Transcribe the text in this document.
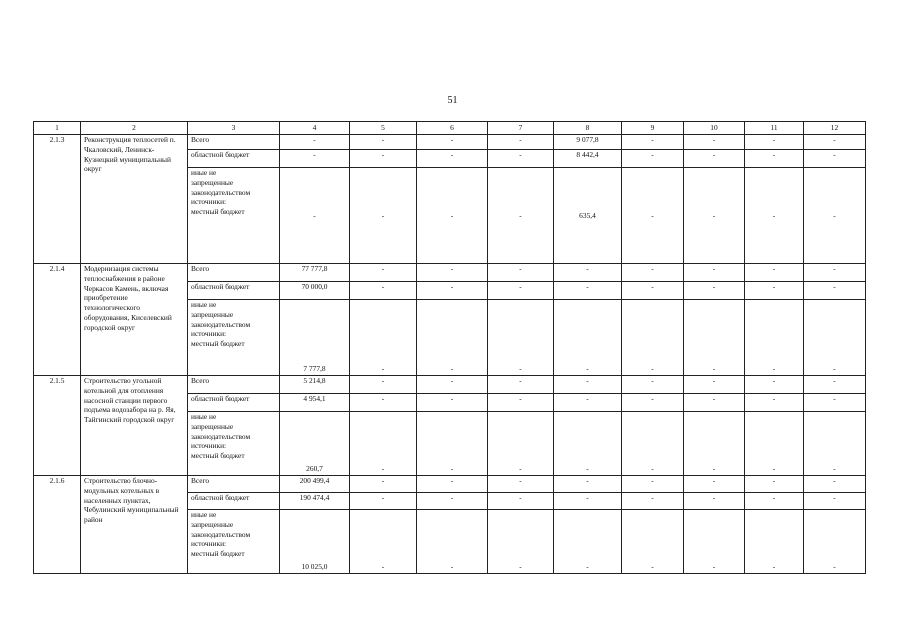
51
1	2	3	4	5	6	7	8	9	10	11	12
2.1.3	Реконструкция теплосетей п. Чкаловский, Ленинск-Кузнецкий муниципальный округ	Всего	-	-	-	-	9 077,8	-	-	-	-
		областной бюджет	-	-	-	-	8 442,4	-	-	-	-

		иные не
запрещенные
законодательством
источники:
местный бюджет	-	-	-	-	635,4	-	-	-	-
2.1.4	Модернизация системы теплоснабжения в районе Черкасов Камень, включая приобретение технологического оборудования, Киселевский городской округ	Всего	77 777,8	-	-	-	-	-	-	-	-
		областной бюджет	70 000,0	-	-	-	-	-	-	-	-

		иные не
запрещенные
законодательством
источники:
местный бюджет	7 777,8	-	-	-	-	-	-	-	-
2.1.5	Строительство угольной котельной для отопления насосной станции первого подъема водозабора на р. Яя, Тайгинский городской округ	Всего	5 214,8	-	-	-	-	-	-	-	-
		областной бюджет	4 954,1	-	-	-	-	-	-	-	-

		иные не
запрещенные
законодательством
источники:
местный бюджет	260,7	-	-	-	-	-	-	-	-
2.1.6	Строительство блочно-модульных котельных в населенных пунктах, Чебулинский муниципальный район	Всего	200 499,4	-	-	-	-	-	-	-	-
		областной бюджет	190 474,4	-	-	-	-	-	-	-	-

		иные не
запрещенные
законодательством
источники:
местный бюджет	10 025,0	-	-	-	-	-	-	-	-
